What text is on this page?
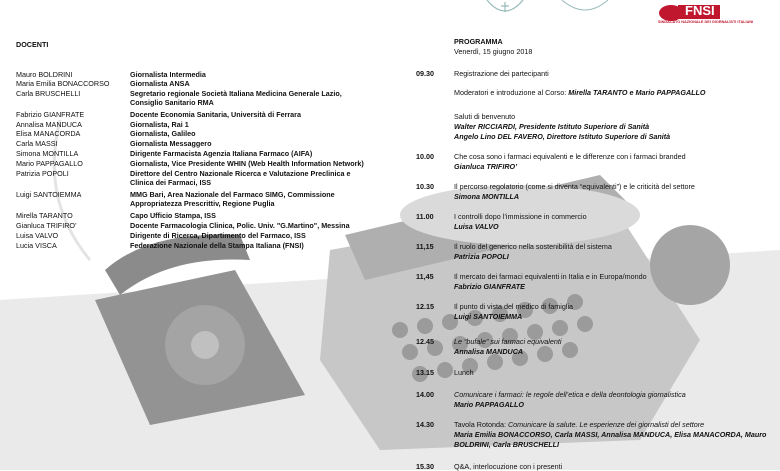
FNSI
SINDACATO NAZIONALE DEI GIORNALISTI ITALIANI
DOCENTI
Mauro BOLDRINI	Giornalista Intermedia
Maria Emilia BONACCORSO	Giornalista ANSA
Carla BRUSCHELLI	Segretario regionale Società Italiana Medicina Generale Lazio,
Consiglio Sanitario RMA
Fabrizio GIANFRATE	Docente Economia Sanitaria, Università di Ferrara
Annalisa MANDUCA	Giornalista, Rai 1
Elisa MANACORDA	Giornalista, Galileo
Carla MASSI	Giornalista Messaggero
Simona MONTILLA	Dirigente Farmacista Agenzia Italiana Farmaco (AIFA)
Mario PAPPAGALLO	Giornalista, Vice Presidente WHIN (Web Health Information Network)
Patrizia POPOLI	Direttore del Centro Nazionale Ricerca e Valutazione Preclinica e
Clinica dei Farmaci, ISS
Luigi SANTOIEMMA	MMG Bari, Area Nazionale del Farmaco SIMG, Commissione
Appropriatezza Prescrittiv, Regione Puglia
Mirella TARANTO	Capo Ufficio Stampa, ISS
Gianluca TRIFIRO’	Docente Farmacologia Clinica, Polic. Univ. "G.Martino", Messina
Luisa VALVO	Dirigente di Ricerca, Dipartimento del Farmaco, ISS
Lucia VISCA	Federazione Nazionale della Stampa Italiana (FNSI)
PROGRAMMA
Venerdì, 15 giugno 2018
09.30	Registrazione dei partecipanti
Moderatori e introduzione al Corso: Mirella TARANTO e Mario PAPPAGALLO
Saluti di benvenuto
Walter RICCIARDI, Presidente Istituto Superiore di Sanità
Angelo Lino DEL FAVERO, Direttore Istituto Superiore di Sanità
10.00	Che cosa sono i farmaci equivalenti e le differenze con i farmaci branded
Gianluca TRIFIRO’
10.30	Il percorso regolatorio (come si diventa “equivalenti”) e le criticità del settore
Simona MONTILLA
11.00	I controlli dopo l’immissione in commercio
Luisa VALVO
11,15	Il ruolo del generico nella sostenibilità del sistema
Patrizia POPOLI
11,45	Il mercato dei farmaci equivalenti in Italia e in Europa/mondo
Fabrizio GIANFRATE
12.15	Il punto di vista del medico di famiglia
Luigi SANTOIEMMA
12.45	Le “bufale” sui farmaci equivalenti
Annalisa MANDUCA
13.15	Lunch
14.00	Comunicare i farmaci: le regole dell’etica e della deontologia giornalistica
Mario PAPPAGALLO
14.30	Tavola Rotonda: Comunicare la salute. Le esperienze dei giornalisti del settore
Maria Emilia BONACCORSO, Carla MASSI, Annalisa MANDUCA, Elisa MANACORDA, Mauro
BOLDRINI, Carla BRUSCHELLI
15.30	Q&A, interlocuzione con i presenti
